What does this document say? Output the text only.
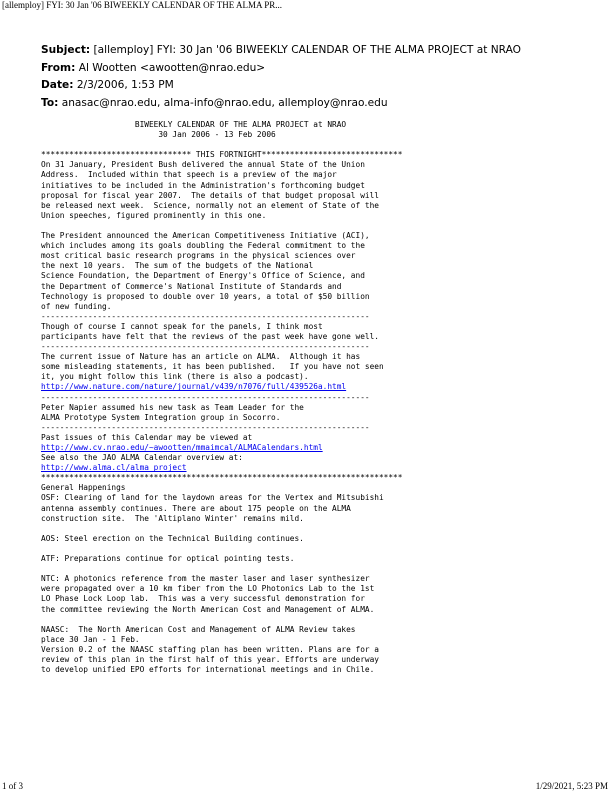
[allemploy] FYI: 30 Jan '06 BIWEEKLY CALENDAR OF THE ALMA PR...
Subject: [allemploy] FYI: 30 Jan '06 BIWEEKLY CALENDAR OF THE ALMA PROJECT at NRAO
From: Al Wootten <awootten@nrao.edu>
Date: 2/3/2006, 1:53 PM
To: anasac@nrao.edu, alma-info@nrao.edu, allemploy@nrao.edu
BIWEEKLY CALENDAR OF THE ALMA PROJECT at NRAO
30 Jan 2006 - 13 Feb 2006
******************************** THIS FORTNIGHT******************************
On 31 January, President Bush delivered the annual State of the Union
Address.  Included within that speech is a preview of the major
initiatives to be included in the Administration's forthcoming budget
proposal for fiscal year 2007.  The details of that budget proposal will
be released next week.  Science, normally not an element of State of the
Union speeches, figured prominently in this one.
The President announced the American Competitiveness Initiative (ACI),
which includes among its goals doubling the Federal commitment to the
most critical basic research programs in the physical sciences over
the next 10 years.  The sum of the budgets of the National
Science Foundation, the Department of Energy's Office of Science, and
the Department of Commerce's National Institute of Standards and
Technology is proposed to double over 10 years, a total of $50 billion
of new funding.
----------------------------------------------------------------------
Though of course I cannot speak for the panels, I think most
participants have felt that the reviews of the past week have gone well.
----------------------------------------------------------------------
The current issue of Nature has an article on ALMA.  Although it has
some misleading statements, it has been published.   If you have not seen
it, you might follow this link (there is also a podcast).
http://www.nature.com/nature/journal/v439/n7076/full/439526a.html
----------------------------------------------------------------------
Peter Napier assumed his new task as Team Leader for the
ALMA Prototype System Integration group in Socorro.
----------------------------------------------------------------------
Past issues of this Calendar may be viewed at
http://www.cv.nrao.edu/~awootten/mmaimcal/ALMACalendars.html
See also the JAO ALMA Calendar overview at:
http://www.alma.cl/alma_project
*****************************************************************************
General Happenings
OSF: Clearing of land for the laydown areas for the Vertex and Mitsubishi
antenna assembly continues. There are about 175 people on the ALMA
construction site.  The 'Altiplano Winter' remains mild.
AOS: Steel erection on the Technical Building continues.
ATF: Preparations continue for optical pointing tests.
NTC: A photonics reference from the master laser and laser synthesizer
were propagated over a 10 km fiber from the LO Photonics Lab to the 1st
LO Phase Lock Loop lab.  This was a very successful demonstration for
the committee reviewing the North American Cost and Management of ALMA.
NAASC:  The North American Cost and Management of ALMA Review takes
place 30 Jan - 1 Feb.
Version 0.2 of the NAASC staffing plan has been written. Plans are for a
review of this plan in the first half of this year. Efforts are underway
to develop unified EPO efforts for international meetings and in Chile.
1 of 3	1/29/2021, 5:23 PM
